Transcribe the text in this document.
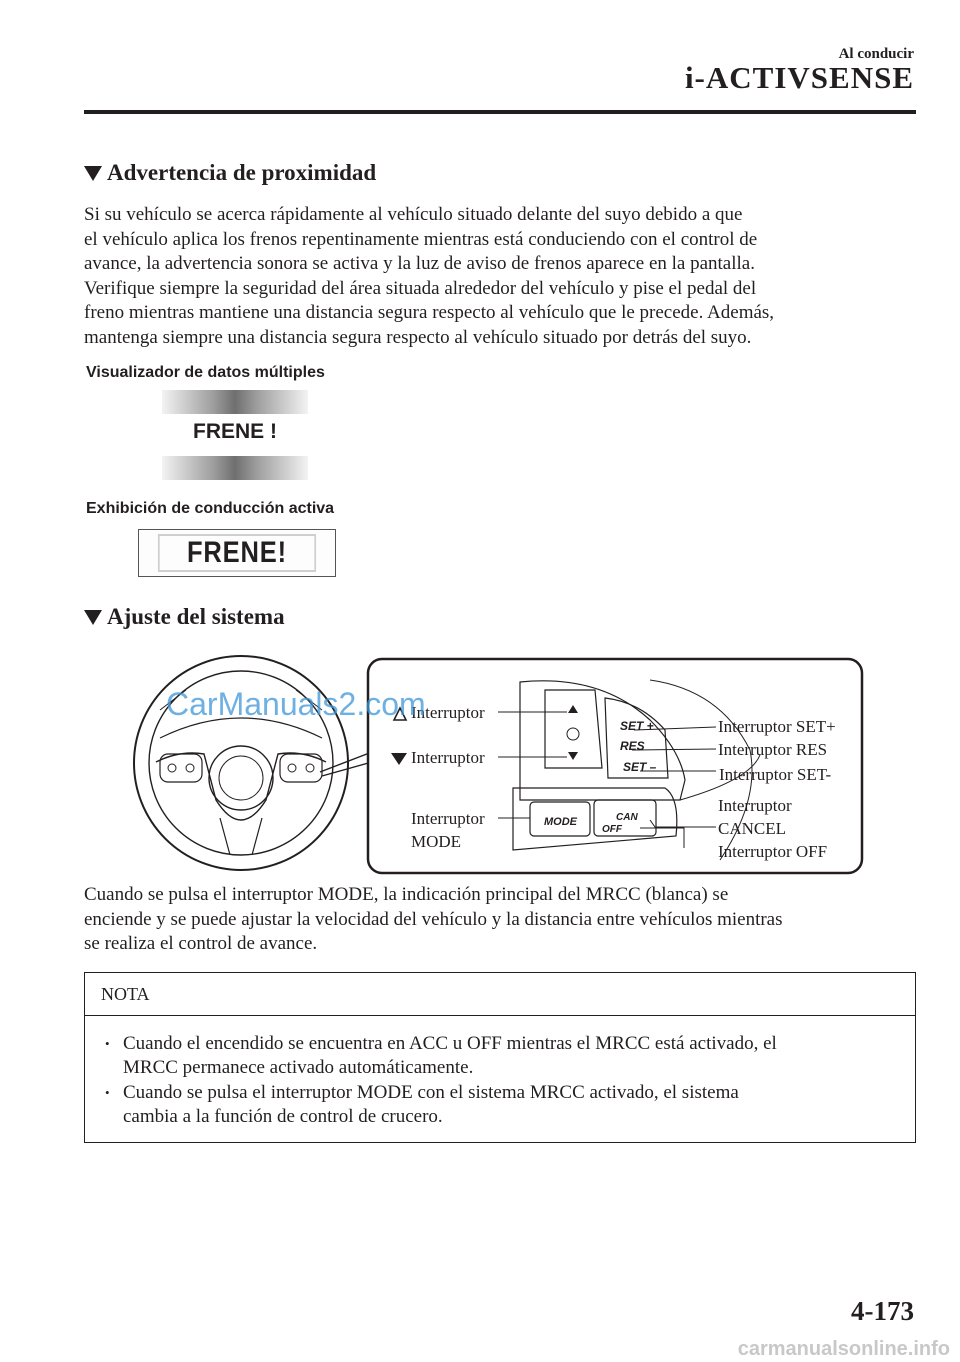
Al conducir
i-ACTIVSENSE
Advertencia de proximidad
Si su vehículo se acerca rápidamente al vehículo situado delante del suyo debido a que
el vehículo aplica los frenos repentinamente mientras está conduciendo con el control de
avance, la advertencia sonora se activa y la luz de aviso de frenos aparece en la pantalla.
Verifique siempre la seguridad del área situada alrededor del vehículo y pise el pedal del
freno mientras mantiene una distancia segura respecto al vehículo que le precede. Además,
mantenga siempre una distancia segura respecto al vehículo situado por detrás del suyo.
Visualizador de datos múltiples
FRENE !
Exhibición de conducción activa
FRENE!
Ajuste del sistema
SET +
RES
SET –
MODE	CAN
OFF
Interruptor
Interruptor
Interruptor
MODE
Interruptor SET+
Interruptor RES
Interruptor SET-
Interruptor
CANCEL
Interruptor OFF
CarManuals2.com
Cuando se pulsa el interruptor MODE, la indicación principal del MRCC (blanca) se
enciende y se puede ajustar la velocidad del vehículo y la distancia entre vehículos mientras
se realiza el control de avance.
NOTA
• Cuando el encendido se encuentra en ACC u OFF mientras el MRCC está activado, el
MRCC permanece activado automáticamente.
• Cuando se pulsa el interruptor MODE con el sistema MRCC activado, el sistema
cambia a la función de control de crucero.
4-173
carmanualsonline.info
